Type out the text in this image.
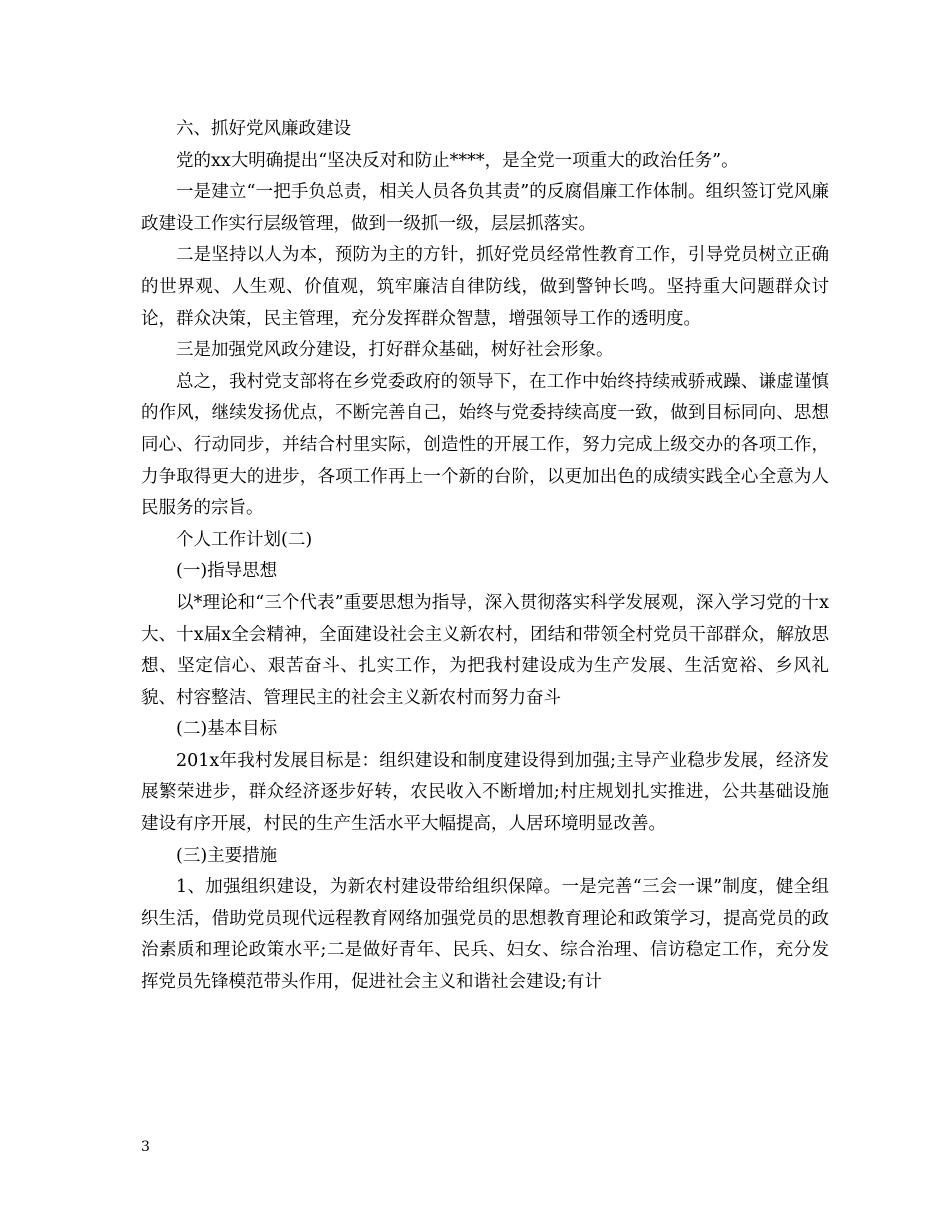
六、抓好党风廉政建设

党的xx大明确提出“坚决反对和防止****，是全党一项重大的政治任务”。

一是建立“一把手负总责，相关人员各负其责”的反腐倡廉工作体制。组织签订党风廉政建设工作实行层级管理，做到一级抓一级，层层抓落实。

二是坚持以人为本，预防为主的方针，抓好党员经常性教育工作，引导党员树立正确的世界观、人生观、价值观，筑牢廉洁自律防线，做到警钟长鸣。坚持重大问题群众讨论，群众决策，民主管理，充分发挥群众智慧，增强领导工作的透明度。

三是加强党风政分建设，打好群众基础，树好社会形象。

总之，我村党支部将在乡党委政府的领导下，在工作中始终持续戒骄戒躁、谦虚谨慎的作风，继续发扬优点，不断完善自己，始终与党委持续高度一致，做到目标同向、思想同心、行动同步，并结合村里实际，创造性的开展工作，努力完成上级交办的各项工作，力争取得更大的进步，各项工作再上一个新的台阶，以更加出色的成绩实践全心全意为人民服务的宗旨。

个人工作计划(二)

(一)指导思想

以*理论和“三个代表”重要思想为指导，深入贯彻落实科学发展观，深入学习党的十x大、十x届x全会精神，全面建设社会主义新农村，团结和带领全村党员干部群众，解放思想、坚定信心、艰苦奋斗、扎实工作，为把我村建设成为生产发展、生活宽裕、乡风礼貌、村容整洁、管理民主的社会主义新农村而努力奋斗

(二)基本目标

201x年我村发展目标是：组织建设和制度建设得到加强;主导产业稳步发展，经济发展繁荣进步，群众经济逐步好转，农民收入不断增加;村庄规划扎实推进，公共基础设施建设有序开展，村民的生产生活水平大幅提高，人居环境明显改善。

(三)主要措施

1、加强组织建设，为新农村建设带给组织保障。一是完善“三会一课”制度，健全组织生活，借助党员现代远程教育网络加强党员的思想教育理论和政策学习，提高党员的政治素质和理论政策水平;二是做好青年、民兵、妇女、综合治理、信访稳定工作，充分发挥党员先锋模范带头作用，促进社会主义和谐社会建设;有计

3
